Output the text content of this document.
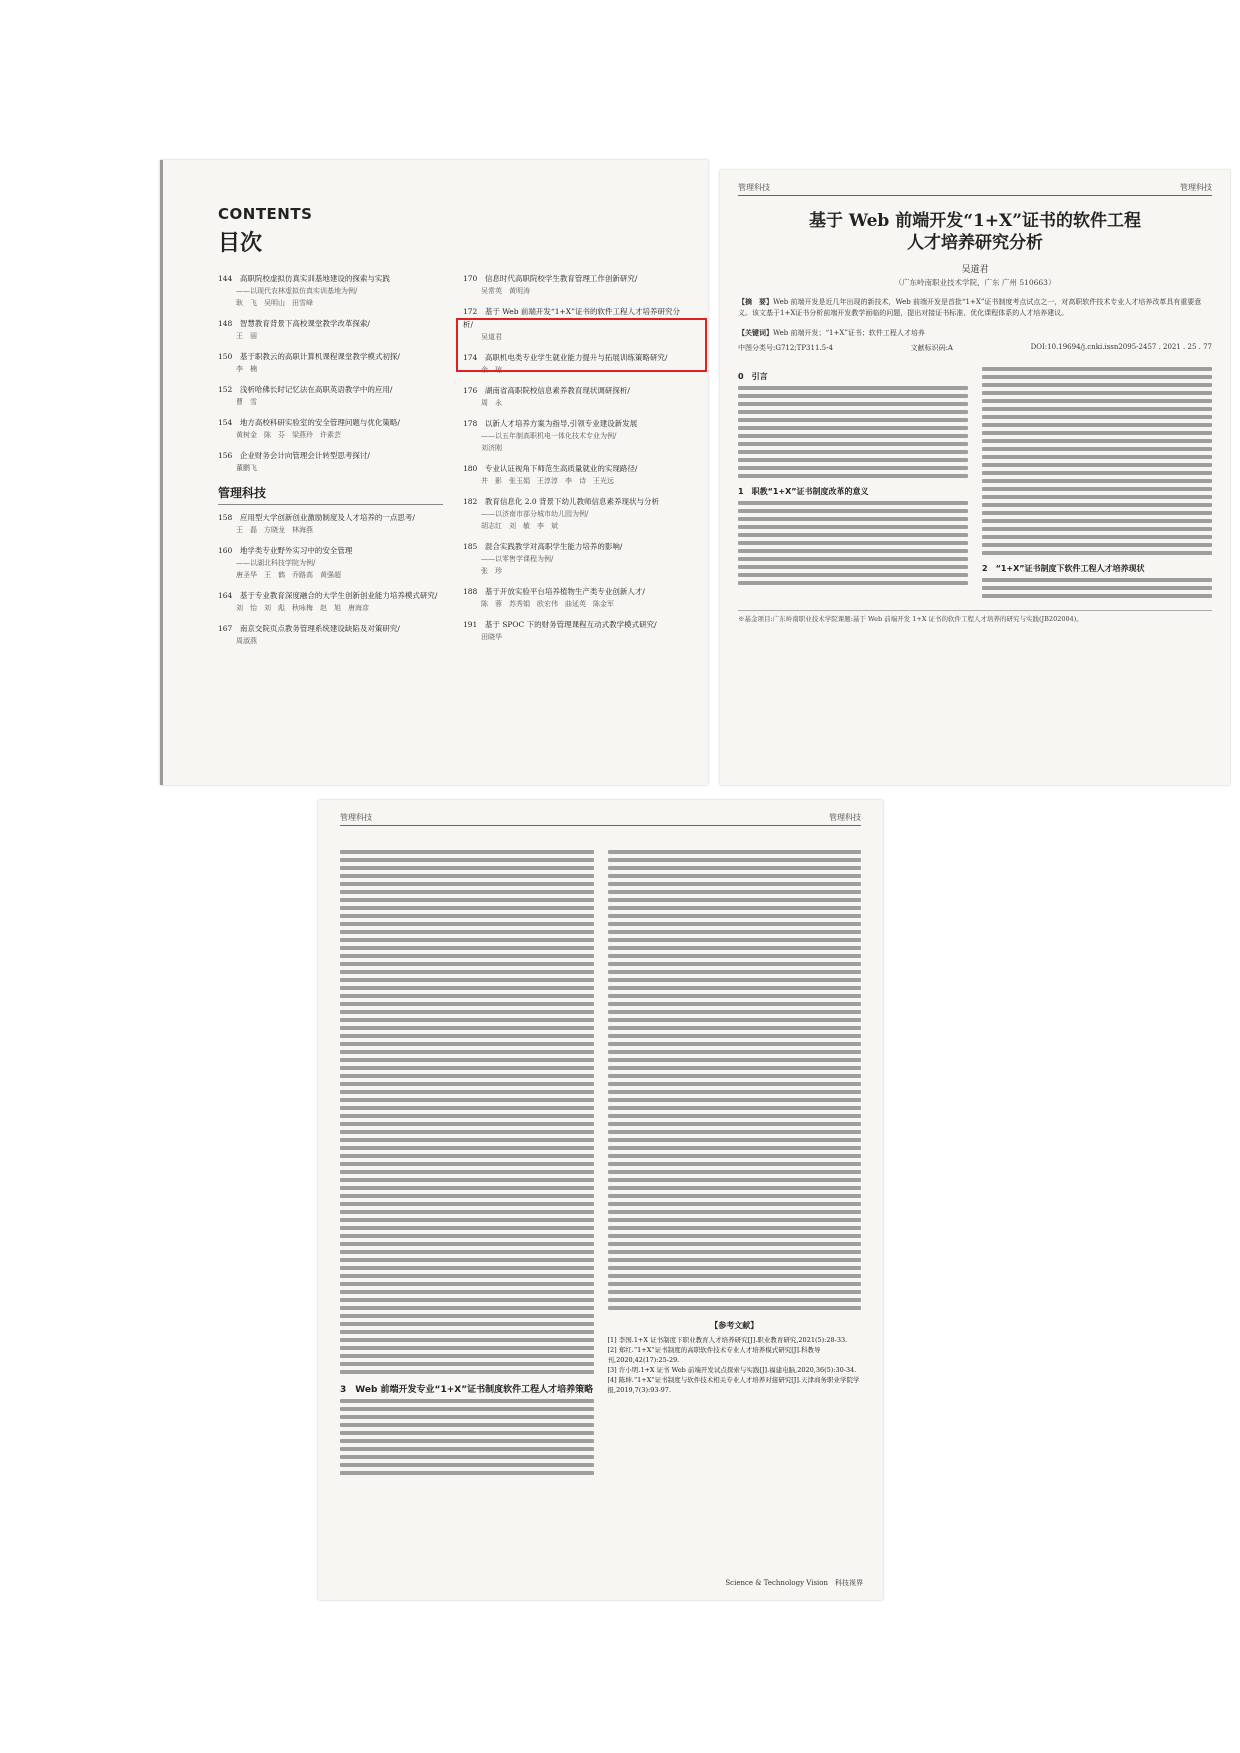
CONTENTS
目次
144　高职院校虚拟仿真实训基地建设的探索与实践
——以现代农林虚拟仿真实训基地为例/
耿　飞　吴明山　田雪峰
148　智慧教育背景下高校课堂教学改革探索/
王　丽
150　基于职教云的高职计算机课程课堂教学模式初探/
李　楠
152　浅析哈佛长时记忆法在高职英语教学中的应用/
曹　雪
154　地方高校科研实验室的安全管理问题与优化策略/
黄树金　陈　芬　梁燕玲　许素芸
156　企业财务会计向管理会计转型思考探讨/
董鹏飞
管理科技
158　应用型大学创新创业激励制度及人才培养的一点思考/
王　磊　方晓龙　林海燕
160　地学类专业野外实习中的安全管理
——以湖北科技学院为例/
唐圣华　王　鹤　乔路高　黄强超
164　基于专业教育深度融合的大学生创新创业能力培养模式研究/
刘　怡　刘　彪　秋咏梅　赵　旭　唐海彦
167　南京交院页点教务管理系统建设缺陷及对策研究/
周淑燕
170　信息时代高职院校学生教育管理工作创新研究/
吴常英　黄明涛
172　基于 Web 前端开发“1+X”证书的软件工程人才培养研究分析/
吴道君
174　高职机电类专业学生就业能力提升与拓展训练策略研究/
余　琼
176　湖南省高职院校信息素养教育现状调研探析/
周　永
178　以新人才培养方案为指导,引领专业建设新发展
——以五年制高职机电一体化技术专业为例/
刘济刚
180　专业认证视角下师范生高质量就业的实现路径/
井　影　张玉娟　王淳淳　李　诗　王光远
182　教育信息化 2.0 背景下幼儿教师信息素养现状与分析
——以济南市部分城市幼儿园为例/
胡志红　刘　敏　李　斌
185　混合实践教学对高职学生能力培养的影响/
——以零售学课程为例/
张　珍
188　基于开放实验平台培养植物生产类专业创新人才/
陈　蓉　苏秀娟　欧宏伟　曲延英　陈金军
191　基于 SPOC 下的财务管理课程互动式教学模式研究/
田晓华
管理科技	管理科技
基于 Web 前端开发“1+X”证书的软件工程
人才培养研究分析
吴道君
（广东岭南职业技术学院，广东 广州 510663）
【摘　要】Web 前端开发是近几年出现的新技术，Web 前端开发是首批“1+X”证书制度考点试点之一，对高职软件技术专业人才培养改革具有重要意义。该文基于1+X证书分析前端开发教学面临的问题，提出对接证书标准、优化课程体系的人才培养建议。
【关键词】Web 前端开发；“1+X”证书；软件工程人才培养
中图分类号:G712;TP311.5-4	文献标识码:A	DOI:10.19694/j.cnki.issn2095-2457 . 2021 . 25 . 77
0　引言
1　职教“1+X”证书制度改革的意义
2　“1+X”证书制度下软件工程人才培养现状
※基金项目:广东岭南职业技术学院课题:基于 Web 前端开发 1+X 证书的软件工程人才培养的研究与实践(JB202004)。
管理科技	管理科技
3　Web 前端开发专业“1+X”证书制度软件工程人才培养策略
【参考文献】
[1] 李国.1+X 证书制度下职业教育人才培养研究[J].职业教育研究,2021(5):28-33.
[2] 郑红.“1+X”证书制度的高职软件技术专业人才培养模式研究[J].科教导刊,2020,42(17):25-29.
[3] 许小明.1+X 证书 Web 前端开发试点探索与实践[J].福建电脑,2020,36(5):30-34.
[4] 陈坤.“1+X”证书制度与软件技术相关专业人才培养对接研究[J].天津商务职业学院学报,2019,7(3):93-97.
Science & Technology Vision　科技视界
